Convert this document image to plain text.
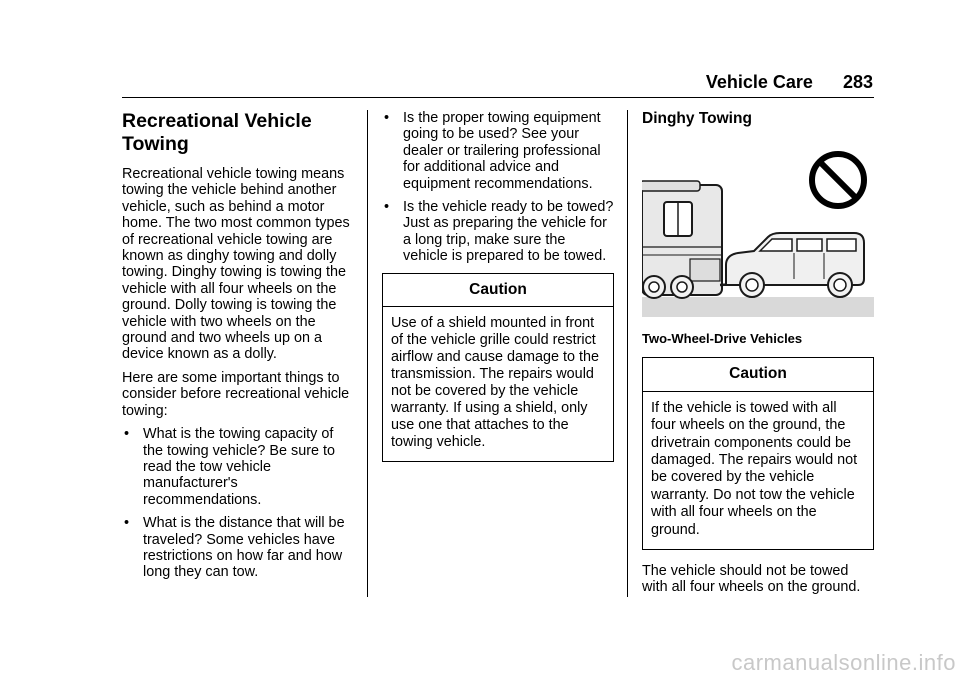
Vehicle Care 283
Recreational Vehicle Towing

Recreational vehicle towing means towing the vehicle behind another vehicle, such as behind a motor home. The two most common types of recreational vehicle towing are known as dinghy towing and dolly towing. Dinghy towing is towing the vehicle with all four wheels on the ground. Dolly towing is towing the vehicle with two wheels on the ground and two wheels up on a device known as a dolly.

Here are some important things to consider before recreational vehicle towing:

• What is the towing capacity of the towing vehicle? Be sure to read the tow vehicle manufacturer's recommendations.
• What is the distance that will be traveled? Some vehicles have restrictions on how far and how long they can tow.
• Is the proper towing equipment going to be used? See your dealer or trailering professional for additional advice and equipment recommendations.
• Is the vehicle ready to be towed? Just as preparing the vehicle for a long trip, make sure the vehicle is prepared to be towed.
Caution
Use of a shield mounted in front of the vehicle grille could restrict airflow and cause damage to the transmission. The repairs would not be covered by the vehicle warranty. If using a shield, only use one that attaches to the towing vehicle.
Dinghy Towing
Two-Wheel-Drive Vehicles
Caution
If the vehicle is towed with all four wheels on the ground, the drivetrain components could be damaged. The repairs would not be covered by the vehicle warranty. Do not tow the vehicle with all four wheels on the ground.

The vehicle should not be towed with all four wheels on the ground.

carmanualsonline.info
